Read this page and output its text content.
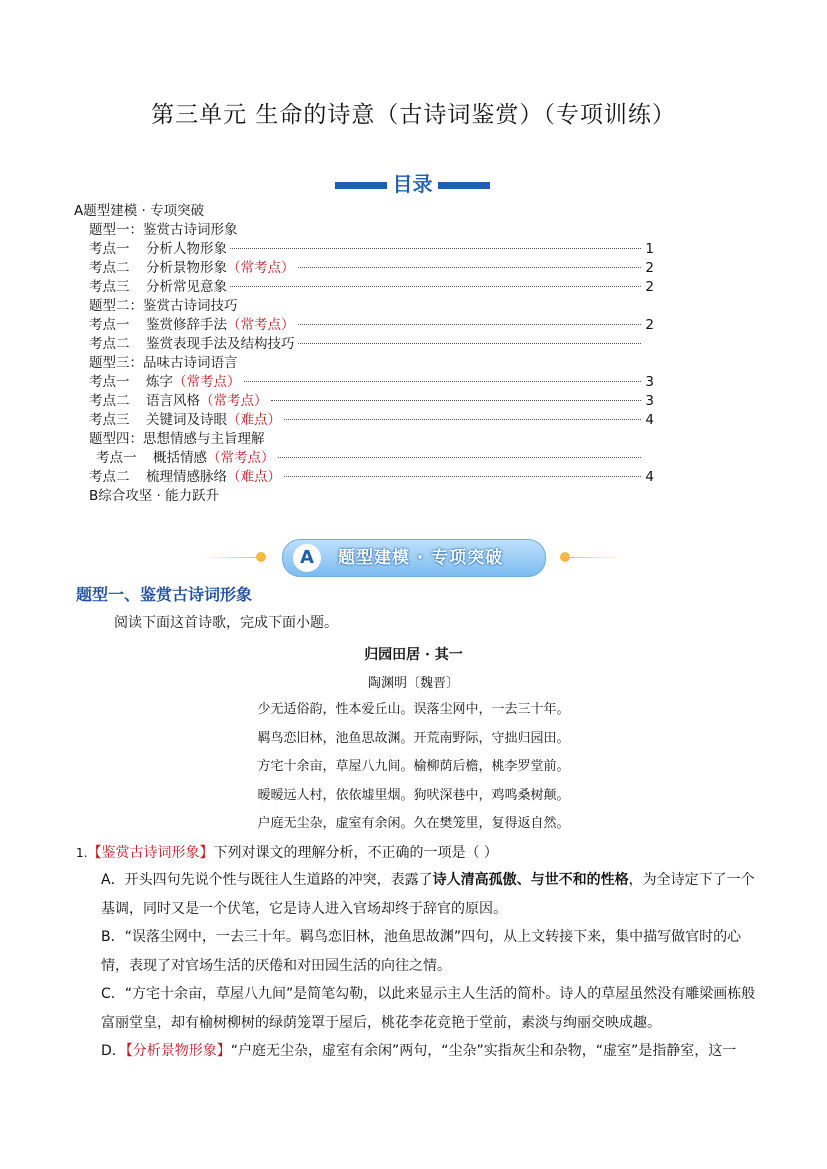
第三单元 生命的诗意（古诗词鉴赏）（专项训练）
目录
A题型建模 · 专项突破
题型一：鉴赏古诗词形象
考点一	分析人物形象	1
考点二	分析景物形象 （常考点）	2
考点三	分析常见意象	2
题型二：鉴赏古诗词技巧
考点一	鉴赏修辞手法 （常考点）	2
考点二	鉴赏表现手法及结构技巧
题型三：品味古诗词语言
考点一	炼字 （常考点）	3
考点二	语言风格 （常考点）	3
考点三	关键词及诗眼 （难点）	4
题型四：思想情感与主旨理解
考点一	概括情感 （常考点）
考点二	梳理情感脉络 （难点）	4
B综合攻坚 · 能力跃升
A	题型建模 · 专项突破
题型一、鉴赏古诗词形象
阅读下面这首诗歌，完成下面小题。
归园田居 · 其一
陶渊明〔魏晋〕
少无适俗韵，性本爱丘山。误落尘网中，一去三十年。
羁鸟恋旧林，池鱼思故渊。开荒南野际，守拙归园田。
方宅十余亩，草屋八九间。榆柳荫后檐，桃李罗堂前。
暧暧远人村，依依墟里烟。狗吠深巷中，鸡鸣桑树颠。
户庭无尘杂，虚室有余闲。久在樊笼里，复得返自然。
1.【鉴赏古诗词形象】下列对课文的理解分析，不正确的一项是（ ）
A．开头四句先说个性与既往人生道路的冲突，表露了诗人清高孤傲、与世不和的性格，为全诗定下了一个基调，同时又是一个伏笔，它是诗人进入官场却终于辞官的原因。
B．“误落尘网中，一去三十年。羁鸟恋旧林，池鱼思故渊”四句，从上文转接下来，集中描写做官时的心情，表现了对官场生活的厌倦和对田园生活的向往之情。
C．“方宅十余亩，草屋八九间”是简笔勾勒，以此来显示主人生活的简朴。诗人的草屋虽然没有雕梁画栋般富丽堂皇，却有榆树柳树的绿荫笼罩于屋后，桃花李花竞艳于堂前，素淡与绚丽交映成趣。
D．【分析景物形象】“户庭无尘杂，虚室有余闲”两句，“尘杂”实指灰尘和杂物，“虚室”是指静室，这一
